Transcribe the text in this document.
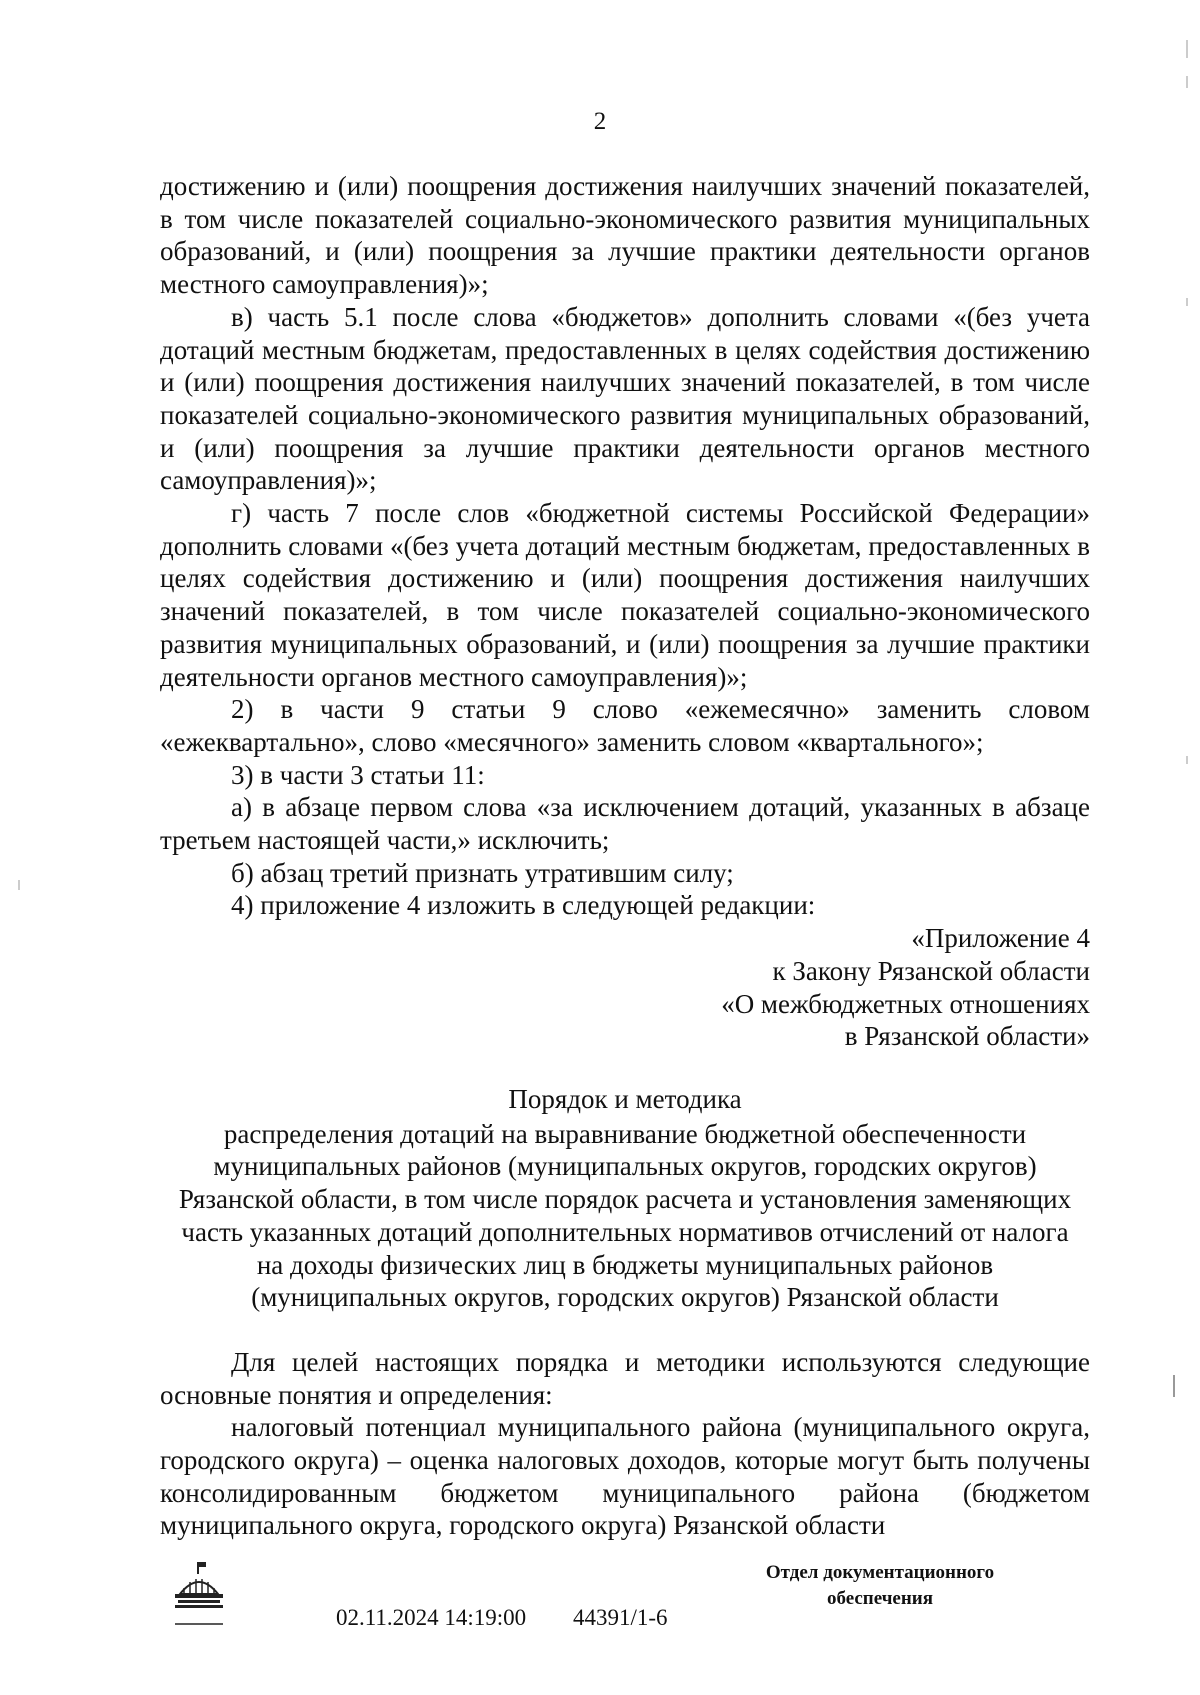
2

достижению и (или) поощрения достижения наилучших значений показателей, в том числе показателей социально-экономического развития муниципальных образований, и (или) поощрения за лучшие практики деятельности органов местного самоуправления)»;

в) часть 5.1 после слова «бюджетов» дополнить словами «(без учета дотаций местным бюджетам, предоставленных в целях содействия достижению и (или) поощрения достижения наилучших значений показателей, в том числе показателей социально-экономического развития муниципальных образований, и (или) поощрения за лучшие практики деятельности органов местного самоуправления)»;

г) часть 7 после слов «бюджетной системы Российской Федерации» дополнить словами «(без учета дотаций местным бюджетам, предоставленных в целях содействия достижению и (или) поощрения достижения наилучших значений показателей, в том числе показателей социально-экономического развития муниципальных образований, и (или) поощрения за лучшие практики деятельности органов местного самоуправления)»;

2) в части 9 статьи 9 слово «ежемесячно» заменить словом «ежеквартально», слово «месячного» заменить словом «квартального»;

3) в части 3 статьи 11:

а) в абзаце первом слова «за исключением дотаций, указанных в абзаце третьем настоящей части,» исключить;

б) абзац третий признать утратившим силу;

4) приложение 4 изложить в следующей редакции:

«Приложение 4

к Закону Рязанской области

«О межбюджетных отношениях

в Рязанской области»

Порядок и методика

распределения дотаций на выравнивание бюджетной обеспеченности

муниципальных районов (муниципальных округов, городских округов)

Рязанской области, в том числе порядок расчета и установления заменяющих

часть указанных дотаций дополнительных нормативов отчислений от налога

на доходы физических лиц в бюджеты муниципальных районов

(муниципальных округов, городских округов) Рязанской области

Для целей настоящих порядка и методики используются следующие основные понятия и определения:

налоговый потенциал муниципального района (муниципального округа, городского округа) – оценка налоговых доходов, которые могут быть получены консолидированным бюджетом муниципального района (бюджетом муниципального округа, городского округа) Рязанской области

02.11.2024 14:19:00 44391/1-6
Отдел документационного
обеспечения
